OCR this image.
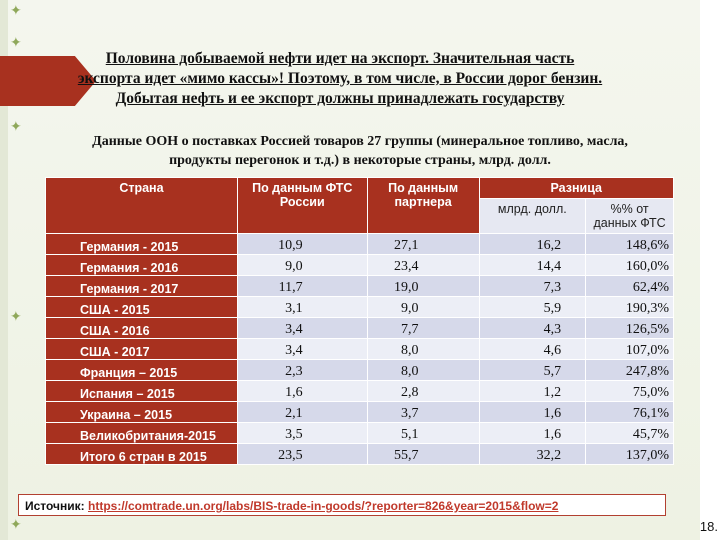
✦
✦
✦
✦
✦
Половина добываемой нефти идет на экспорт. Значительная часть
экспорта идет «мимо кассы»! Поэтому, в том числе, в России дорог бензин.
Добытая нефть и ее экспорт должны принадлежать государству
Данные ООН о поставках Россией товаров 27 группы (минеральное топливо, масла,
продукты перегонок и т.д.) в некоторые страны, млрд. долл.
Страна	По данным ФТС России	По данным партнера	Разница	
			млрд. долл.	%% от данных ФТС
Германия - 2015	10,9	27,1	16,2	148,6%
Германия - 2016	9,0	23,4	14,4	160,0%
Германия - 2017	11,7	19,0	7,3	62,4%
США - 2015	3,1	9,0	5,9	190,3%
США - 2016	3,4	7,7	4,3	126,5%
США - 2017	3,4	8,0	4,6	107,0%
Франция – 2015	2,3	8,0	5,7	247,8%
Испания – 2015	1,6	2,8	1,2	75,0%
Украина – 2015	2,1	3,7	1,6	76,1%
Великобритания-2015	3,5	5,1	1,6	45,7%
Итого 6 стран в 2015	23,5	55,7	32,2	137,0%
Источник: https://comtrade.un.org/labs/BIS-trade-in-goods/?reporter=826&year=2015&flow=2
18.
